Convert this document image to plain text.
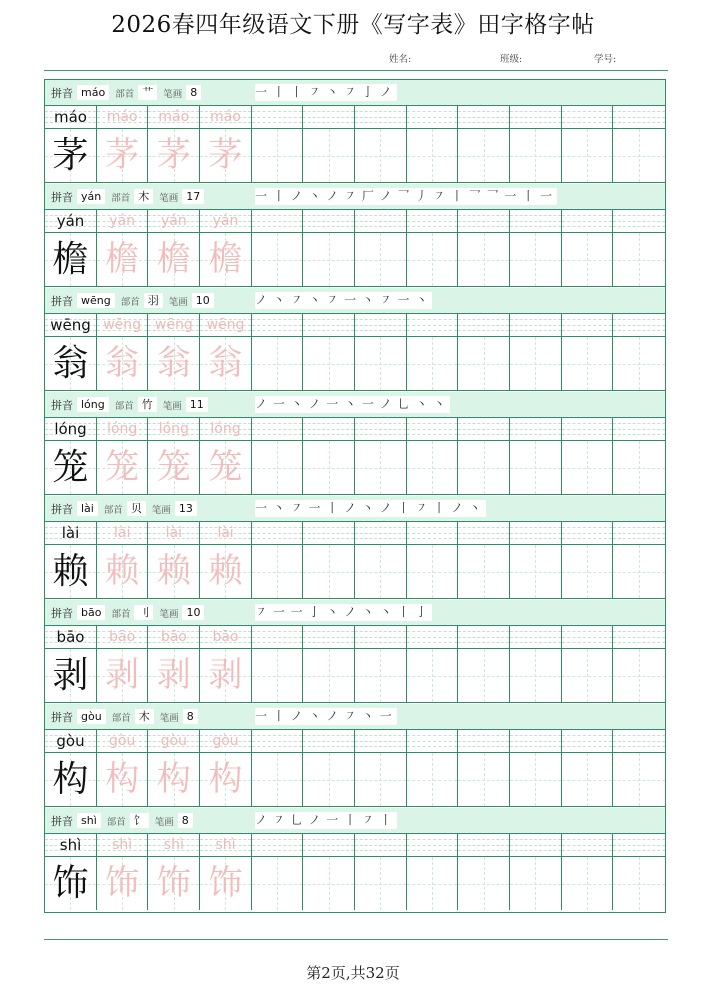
2026春四年级语文下册《写字表》田字格字帖
姓名:	班级:	学号:
拼音 máo	部首 艹	笔画 8	一 丨 丨 ㇇ 丶 ㇇ 亅 ノ
máo	máo	máo	máo
茅 茅 茅 茅
拼音 yán	部首 木	笔画 17	一 丨 ノ 丶 ノ ㇇ 厂 ノ 乛 丿 ㇇ 丨 乛 乛 一 丨 一
yán	yán	yán	yán
檐 檐 檐 檐
拼音 wēng	部首 羽	笔画 10	ノ 丶 ㇇ 丶 ㇇ 一 丶 ㇇ 一 丶
wēng wēng wēng wēng
翁 翁 翁 翁
拼音 lóng	部首 竹	笔画 11	ノ 一 丶 ノ 一 丶 一 ノ 乚 丶 丶
lóng	lóng	lóng	lóng
笼 笼 笼 笼
拼音 lài	部首 贝	笔画 13	一 丶 ㇇ 一 丨 ノ 丶 ノ 丨 ㇇ 丨 ノ 丶
lài	lài	lài	lài
赖 赖 赖 赖
拼音 bāo	部首 刂	笔画 10	㇇ 一 一 亅 丶 ノ 丶 丶 丨 亅
bāo	bāo	bāo	bāo
剥 剥 剥 剥
拼音 gòu	部首 木	笔画 8	一 丨 ノ 丶 ノ ㇇ 丶 一
gòu	gòu	gòu	gòu
构 构 构 构
拼音 shì	部首 饣	笔画 8	ノ ㇇ 乚 ノ 一 丨 ㇇ 丨
shì	shì	shì	shì
饰 饰 饰 饰
第2页,共32页
